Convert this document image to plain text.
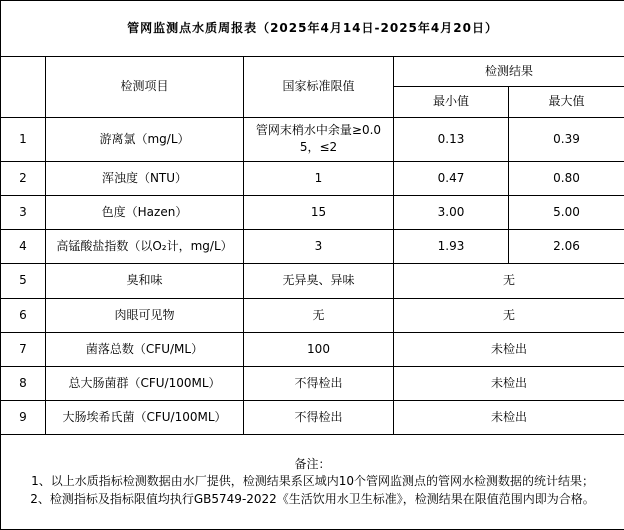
管网监测点水质周报表（2025年4月14日-2025年4月20日）				
	检测项目	国家标准限值	检测结果	
			最小值	最大值
1	游离氯（mg/L）	管网末梢水中余量≥0.05，≤2	0.13	0.39
2	浑浊度（NTU）	1	0.47	0.80
3	色度（Hazen）	15	3.00	5.00
4	高锰酸盐指数（以O₂计，mg/L）	3	1.93	2.06
5	臭和味	无异臭、异味	无	
6	肉眼可见物	无	无	
7	菌落总数（CFU/ML）	100	未检出	
8	总大肠菌群（CFU/100ML）	不得检出	未检出	
9	大肠埃希氏菌（CFU/100ML）	不得检出	未检出	

备注：
1、以上水质指标检测数据由水厂提供，检测结果系区域内10个管网监测点的管网水检测数据的统计结果；
2、检测指标及指标限值均执行GB5749-2022《生活饮用水卫生标准》，检测结果在限值范围内即为合格。				
